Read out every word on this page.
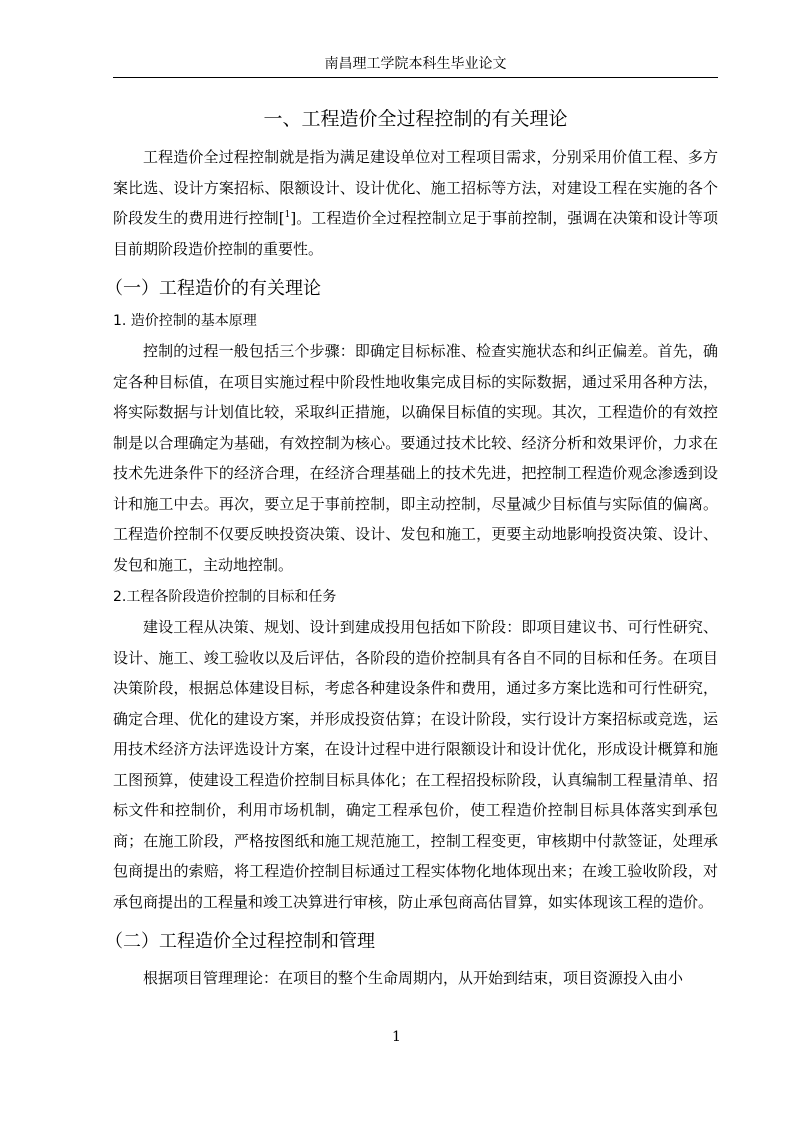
南昌理工学院本科生毕业论文
一、工程造价全过程控制的有关理论

工程造价全过程控制就是指为满足建设单位对工程项目需求，分别采用价值工程、多方案比选、设计方案招标、限额设计、设计优化、施工招标等方法，对建设工程在实施的各个阶段发生的费用进行控制[$^1$]。工程造价全过程控制立足于事前控制，强调在决策和设计等项目前期阶段造价控制的重要性。

（一）工程造价的有关理论
1. 造价控制的基本原理

控制的过程一般包括三个步骤：即确定目标标准、检查实施状态和纠正偏差。首先，确定各种目标值，在项目实施过程中阶段性地收集完成目标的实际数据，通过采用各种方法，将实际数据与计划值比较，采取纠正措施，以确保目标值的实现。其次，工程造价的有效控制是以合理确定为基础，有效控制为核心。要通过技术比较、经济分析和效果评价，力求在技术先进条件下的经济合理，在经济合理基础上的技术先进，把控制工程造价观念渗透到设计和施工中去。再次，要立足于事前控制，即主动控制，尽量减少目标值与实际值的偏离。工程造价控制不仅要反映投资决策、设计、发包和施工，更要主动地影响投资决策、设计、发包和施工，主动地控制。

2.工程各阶段造价控制的目标和任务

建设工程从决策、规划、设计到建成投用包括如下阶段：即项目建议书、可行性研究、设计、施工、竣工验收以及后评估，各阶段的造价控制具有各自不同的目标和任务。在项目决策阶段，根据总体建设目标，考虑各种建设条件和费用，通过多方案比选和可行性研究，确定合理、优化的建设方案，并形成投资估算；在设计阶段，实行设计方案招标或竞选，运用技术经济方法评选设计方案，在设计过程中进行限额设计和设计优化，形成设计概算和施工图预算，使建设工程造价控制目标具体化；在工程招投标阶段，认真编制工程量清单、招标文件和控制价，利用市场机制，确定工程承包价，使工程造价控制目标具体落实到承包商；在施工阶段，严格按图纸和施工规范施工，控制工程变更，审核期中付款签证，处理承包商提出的索赔，将工程造价控制目标通过工程实体物化地体现出来；在竣工验收阶段，对承包商提出的工程量和竣工决算进行审核，防止承包商高估冒算，如实体现该工程的造价。

（二）工程造价全过程控制和管理

根据项目管理理论：在项目的整个生命周期内，从开始到结束，项目资源投入由小

1
